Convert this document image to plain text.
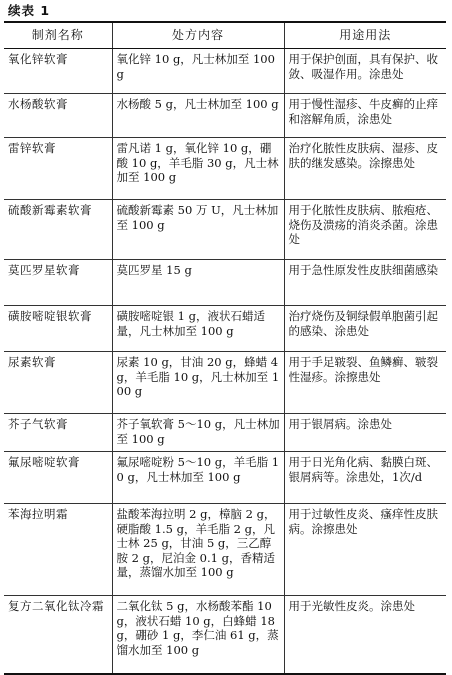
续表 1
制剂名称	处方内容	用途用法
氧化锌软膏	氧化锌 10 g，凡士林加至 100 g	用于保护创面，具有保护、收敛、吸湿作用。涂患处
水杨酸软膏	水杨酸 5 g，凡士林加至 100 g	用于慢性湿疹、牛皮癣的止痒和溶解角质，涂患处
雷锌软膏	雷凡诺 1 g，氧化锌 10 g，硼酸 10 g，羊毛脂 30 g，凡士林加至 100 g	治疗化脓性皮肤病、湿疹、皮肤的继发感染。涂擦患处
硫酸新霉素软膏	硫酸新霉素 50 万 U，凡士林加至 100 g	用于化脓性皮肤病、脓疱疮、烧伤及溃疡的消炎杀菌。涂患处
莫匹罗星软膏	莫匹罗星 15 g	用于急性原发性皮肤细菌感染
磺胺嘧啶银软膏	磺胺嘧啶银 1 g，液状石蜡适量，凡士林加至 100 g	治疗烧伤及铜绿假单胞菌引起的感染、涂患处
尿素软膏	尿素 10 g，甘油 20 g，蜂蜡 4 g，羊毛脂 10 g，凡士林加至 100 g	用于手足皲裂、鱼鳞癣、皲裂性湿疹。涂擦患处
芥子气软膏	芥子氧软膏 5～10 g，凡士林加至 100 g	用于银屑病。涂患处
氟尿嘧啶软膏	氟尿嘧啶粉 5～10 g，羊毛脂 10 g，凡士林加至 100 g	用于日光角化病、黏膜白斑、银屑病等。涂患处，1次/d
苯海拉明霜	盐酸苯海拉明 2 g，樟脑 2 g，硬脂酸 1.5 g，羊毛脂 2 g，凡士林 25 g，甘油 5 g，三乙醇胺 2 g，尼泊金 0.1 g，香精适量，蒸馏水加至 100 g	用于过敏性皮炎、瘙痒性皮肤病。涂擦患处
复方二氧化钛冷霜	二氧化钛 5 g，水杨酸苯酯 10 g，液状石蜡 10 g，白蜂蜡 18 g，硼砂 1 g，李仁油 61 g，蒸馏水加至 100 g	用于光敏性皮炎。涂患处
